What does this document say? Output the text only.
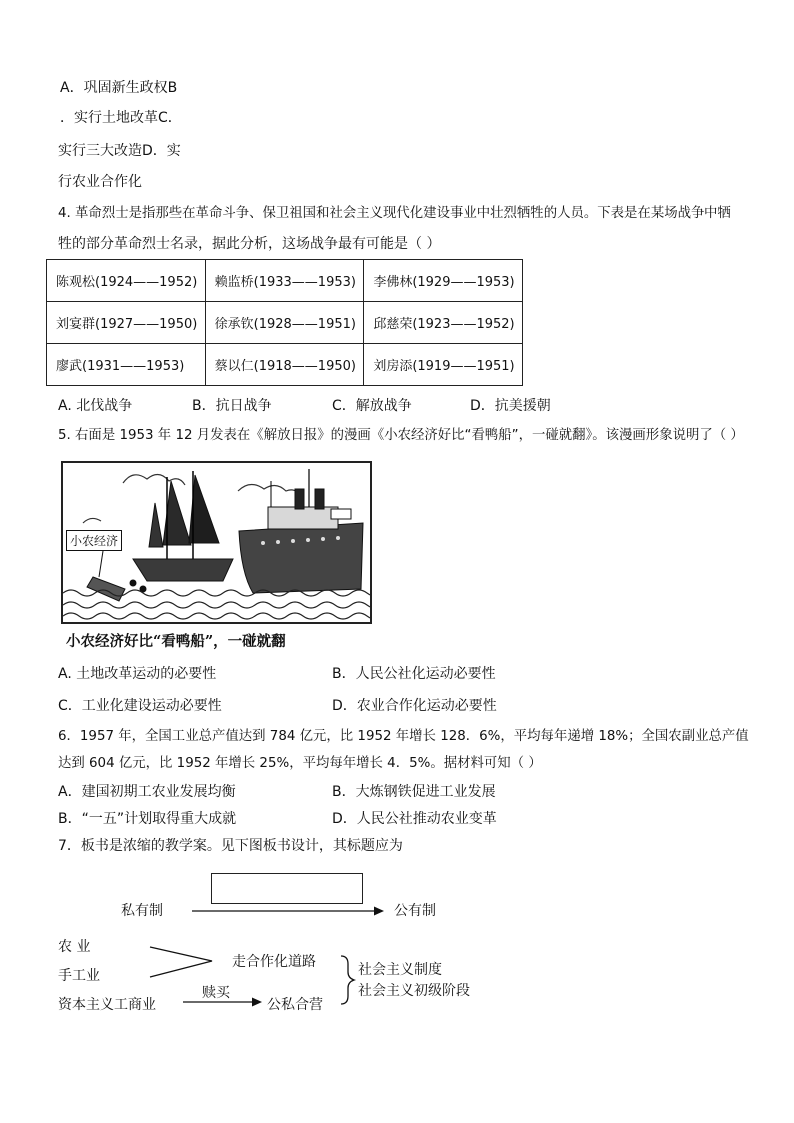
A．巩固新生政权B
．实行土地改革C．
实行三大改造D．实
行农业合作化
4. 革命烈士是指那些在革命斗争、保卫祖国和社会主义现代化建设事业中壮烈牺牲的人员。下表是在某场战争 中牺
牲的部分革命烈士名录，据此分析，这场战争最有可能是（ ）
陈观松(1924——1952)	赖监桥(1933——1953)	李佛林(1929——1953)
刘宴群(1927——1950)	徐承钦(1928——1951)	邱慈荣(1923——1952)
廖武(1931——1953)	蔡以仁(1918——1950)	刘房添(1919——1951)
A. 北伐战争	B．抗日战争	C．解放战争	D．抗美援朝
5. 右面是 1953 年 12 月发表在《解放日报》的漫画《小农经济好比“看鸭船”，一碰就翻》。该漫画形象说明了（ ）
小农经济
小农经济好比“看鸭船”，一碰就翻
A. 土地改革运动的必要性	B．人民公社化运动必要性
C．工业化建设运动必要性	D．农业合作化运动必要性
6．1957 年，全国工业总产值达到 784 亿元，比 1952 年增长 128．6%，平均每年递增 18%；全国农副业总产值
达到 604 亿元，比 1952 年增长 25%，平均每年增长 4．5%。据材料可知（ ）
A．建国初期工农业发展均衡	B．大炼钢铁促进工业发展
B．“一五”计划取得重大成就	D．人民公社推动农业变革
7．板书是浓缩的教学案。见下图板书设计，其标题应为
私有制	公有制
农 业
手工业
资本主义工商业
走合作化道路
赎买
公私合营
社会主义制度
社会主义初级阶段
